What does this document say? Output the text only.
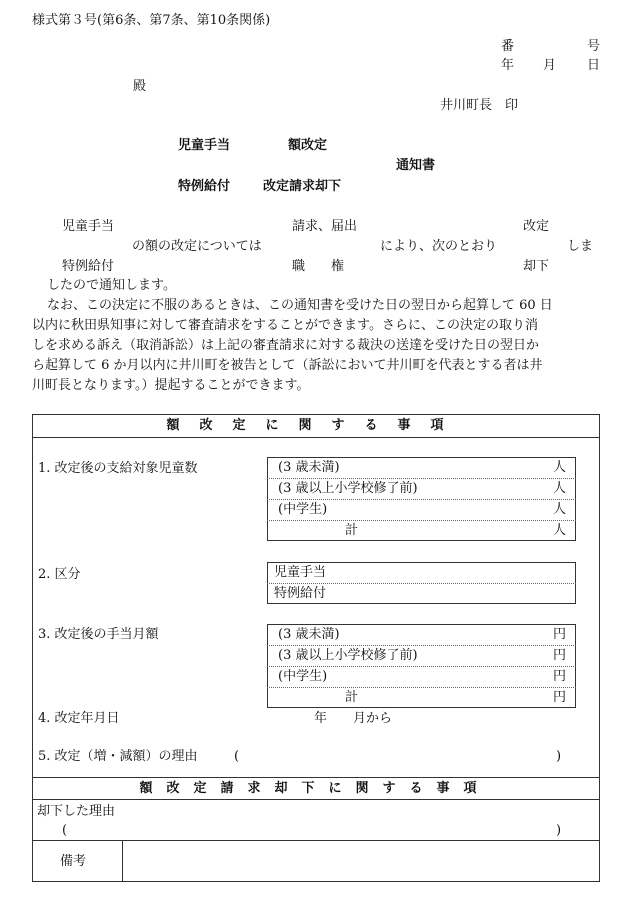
様式第３号(第6条、第7条、第10条関係)
番	号
年 月 日
殿
井川町長　印
児童手当	額改定
通知書
特例給付	改定請求却下
児童手当	請求、届出	改定
の額の改定については	により、次のとおり	しま
特例給付	職　　権	却下
したので通知します。
なお、この決定に不服のあるときは、この通知書を受けた日の翌日から起算して 60 日
以内に秋田県知事に対して審査請求をすることができます。さらに、この決定の取り消
しを求める訴え（取消訴訟）は上記の審査請求に対する裁決の送達を受けた日の翌日か
ら起算して 6 か月以内に井川町を被告として（訴訟において井川町を代表とする者は井
川町長となります。）提起することができます。
額改定に関する事項
1. 改定後の支給対象児童数	(3 歳未満)	人
(3 歳以上小学校修了前)	人
(中学生)	人
計	人
2. 区分	児童手当
特例給付
3. 改定後の手当月額	(3 歳未満)	円
(3 歳以上小学校修了前)	円
(中学生)	円
計	円
4. 改定年月日	年　　月から
5. 改定（増・減額）の理由	(	)
額改定請求却下に関する事項
却下した理由
(	)
備考
